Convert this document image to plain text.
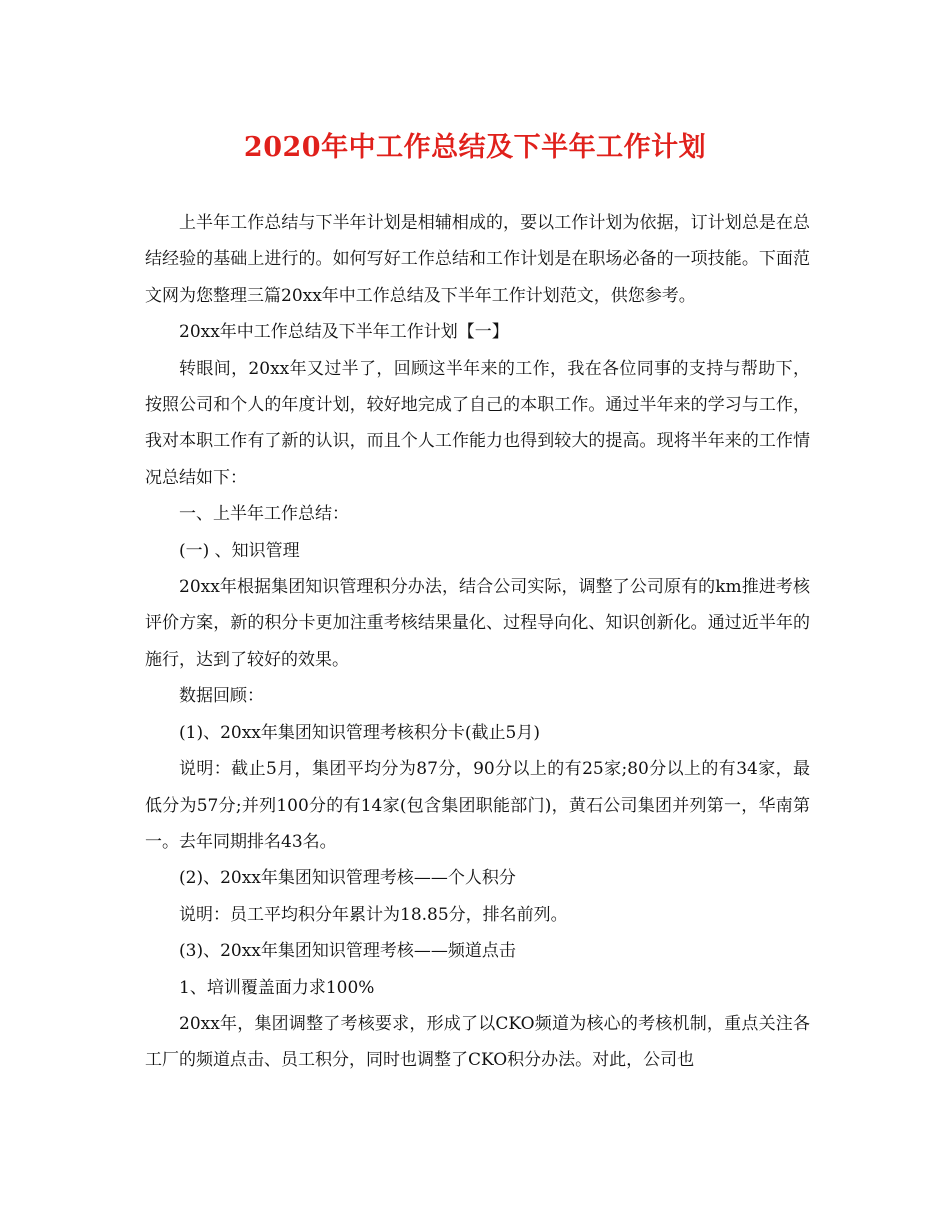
2020年中工作总结及下半年工作计划

上半年工作总结与下半年计划是相辅相成的，要以工作计划为依据，订计划总是在总结经验的基础上进行的。如何写好工作总结和工作计划是在职场必备的一项技能。下面范文网为您整理三篇20xx年中工作总结及下半年工作计划范文，供您参考。

20xx年中工作总结及下半年工作计划【一】

转眼间，20xx年又过半了，回顾这半年来的工作，我在各位同事的支持与帮助下，按照公司和个人的年度计划，较好地完成了自己的本职工作。通过半年来的学习与工作，我对本职工作有了新的认识，而且个人工作能力也得到较大的提高。现将半年来的工作情况总结如下：

一、上半年工作总结：

(一) 、知识管理

20xx年根据集团知识管理积分办法，结合公司实际，调整了公司原有的km推进考核评价方案，新的积分卡更加注重考核结果量化、过程导向化、知识创新化。通过近半年的施行，达到了较好的效果。

数据回顾：

(1)、20xx年集团知识管理考核积分卡(截止5月)

说明：截止5月，集团平均分为87分，90分以上的有25家;80分以上的有34家，最低分为57分;并列100分的有14家(包含集团职能部门)，黄石公司集团并列第一，华南第一。去年同期排名43名。

(2)、20xx年集团知识管理考核——个人积分

说明：员工平均积分年累计为18.85分，排名前列。

(3)、20xx年集团知识管理考核——频道点击

1、培训覆盖面力求100%

20xx年，集团调整了考核要求，形成了以CKO频道为核心的考核机制，重点关注各工厂的频道点击、员工积分，同时也调整了CKO积分办法。对此，公司也
